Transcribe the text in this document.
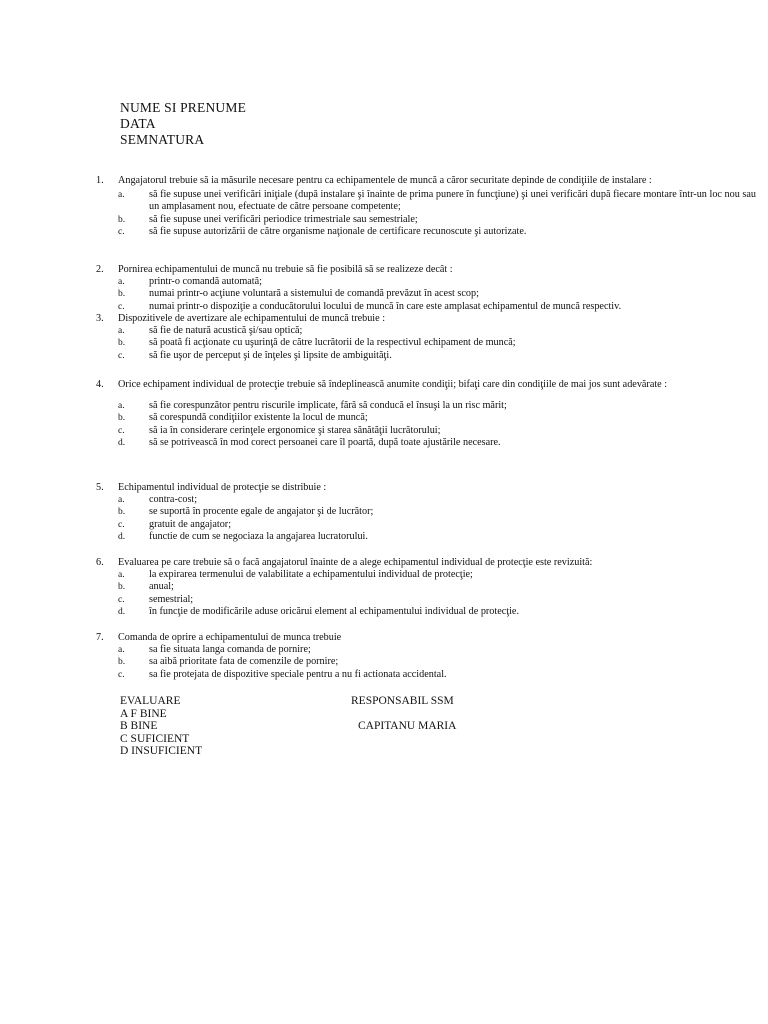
NUME SI PRENUME
DATA
SEMNATURA
1. Angajatorul trebuie să ia măsurile necesare pentru ca echipamentele de muncă a căror securitate depinde de condiţiile de instalare :
a. să fie supuse unei verificări iniţiale (după instalare şi înainte de prima punere în funcţiune) şi unei verificări după fiecare montare într-un loc nou sau un amplasament nou, efectuate de către persoane competente;
b. să fie supuse unei verificări periodice trimestriale sau semestriale;
c. să fie supuse autorizării de către organisme naţionale de certificare recunoscute şi autorizate.
2. Pornirea echipamentului de muncă nu trebuie să fie posibilă să se realizeze decât :
a. printr-o comandă automată;
b. numai printr-o acţiune voluntară a sistemului de comandă prevăzut în acest scop;
c. numai printr-o dispoziţie a conducătorului locului de muncă în care este amplasat echipamentul de muncă respectiv.
3. Dispozitivele de avertizare ale echipamentului de muncă trebuie :
a. să fie de natură acustică şi/sau optică;
b. să poată fi acţionate cu uşurinţă de către lucrătorii de la respectivul echipament de muncă;
c. să fie uşor de perceput şi de înţeles şi lipsite de ambiguităţi.
4. Orice echipament individual de protecţie trebuie să îndeplinească anumite condiţii; bifaţi care din condiţiile de mai jos sunt adevărate :
a. să fie corespunzător pentru riscurile implicate, fără să conducă el însuşi la un risc mărit;
b. să corespundă condiţiilor existente la locul de muncă;
c. să ia în considerare cerinţele ergonomice şi starea sănătăţii lucrătorului;
d. să se potrivească în mod corect persoanei care îl poartă, după toate ajustările necesare.
5. Echipamentul individual de protecţie se distribuie :
a. contra-cost;
b. se suportă în procente egale de angajator şi de lucrător;
c. gratuit de angajator;
d. functie de cum se negociaza la angajarea lucratorului.
6. Evaluarea pe care trebuie să o facă angajatorul înainte de a alege echipamentul individual de protecţie este revizuită:
a. la expirarea termenului de valabilitate a echipamentului individual de protecţie;
b. anual;
c. semestrial;
d. în funcţie de modificările aduse oricărui element al echipamentului individual de protecţie.
7. Comanda de oprire a echipamentului de munca trebuie
a. sa fie situata langa comanda de pornire;
b. sa aibă prioritate fata de comenzile de pornire;
c. sa fie protejata de dispozitive speciale pentru a nu fi actionata accidental.
EVALUARE
A F BINE
B BINE
C SUFICIENT
D INSUFICIENT
RESPONSABIL SSM
CAPITANU MARIA
